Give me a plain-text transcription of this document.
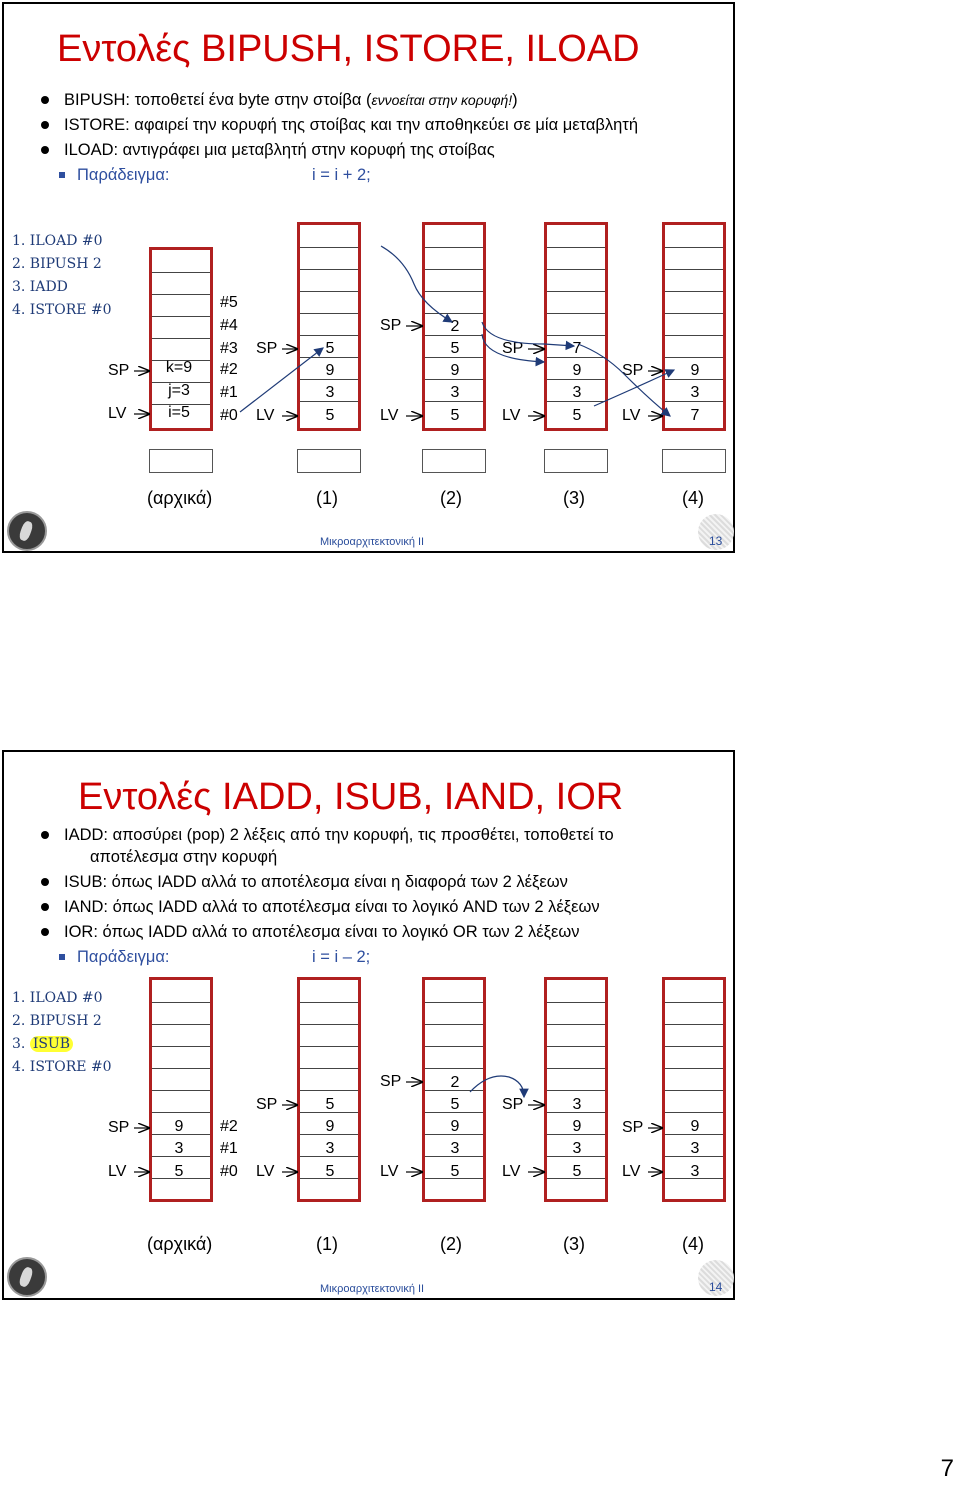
Εντολές BIPUSH, ISTORE, ILOAD
BIPUSH: τοποθετεί ένα byte στην στοίβα (εννοείται στην κορυφή!)
ISTORE: αφαιρεί την κορυφή της στοίβας και την αποθηκεύει σε μία μεταβλητή
ILOAD: αντιγράφει μια μεταβλητή στην κορυφή της στοίβας
Παράδειγμα:	i = i + 2;
1. ILOAD #0
2. BIPUSH 2
3. IADD
4. ISTORE #0
k=9
j=3
i=5
#5
#4
#3
#2
#1
#0
SP
LV
SP
LV
SP
LV
SP
LV
SP
LV
5
9
3
5
2
5
9
3
5
7
9
3
5
9
3
7
(αρχικά)	(1)	(2)	(3)	(4)
Μικροαρχιτεκτονική II	13
Εντολές IADD, ISUB, IAND, IOR
IADD: αποσύρει (pop) 2 λέξεις από την κορυφή, τις προσθέτει, τοποθετεί το
αποτέλεσμα στην κορυφή
ISUB: όπως IADD αλλά το αποτέλεσμα είναι η διαφορά των 2 λέξεων
IAND: όπως IADD αλλά το αποτέλεσμα είναι το λογικό AND των 2 λέξεων
IOR: όπως IADD αλλά το αποτέλεσμα είναι το λογικό OR των 2 λέξεων
Παράδειγμα:	i = i – 2;
1. ILOAD #0
2. BIPUSH 2
3. ISUB
4. ISTORE #0
9
3
5
#2
#1
#0
SP
LV
SP
LV
SP
LV
SP
LV
SP
LV
5
9
3
5
2
5
9
3
5
3
9
3
5
9
3
3
(αρχικά)	(1)	(2)	(3)	(4)
Μικροαρχιτεκτονική II	14
7
